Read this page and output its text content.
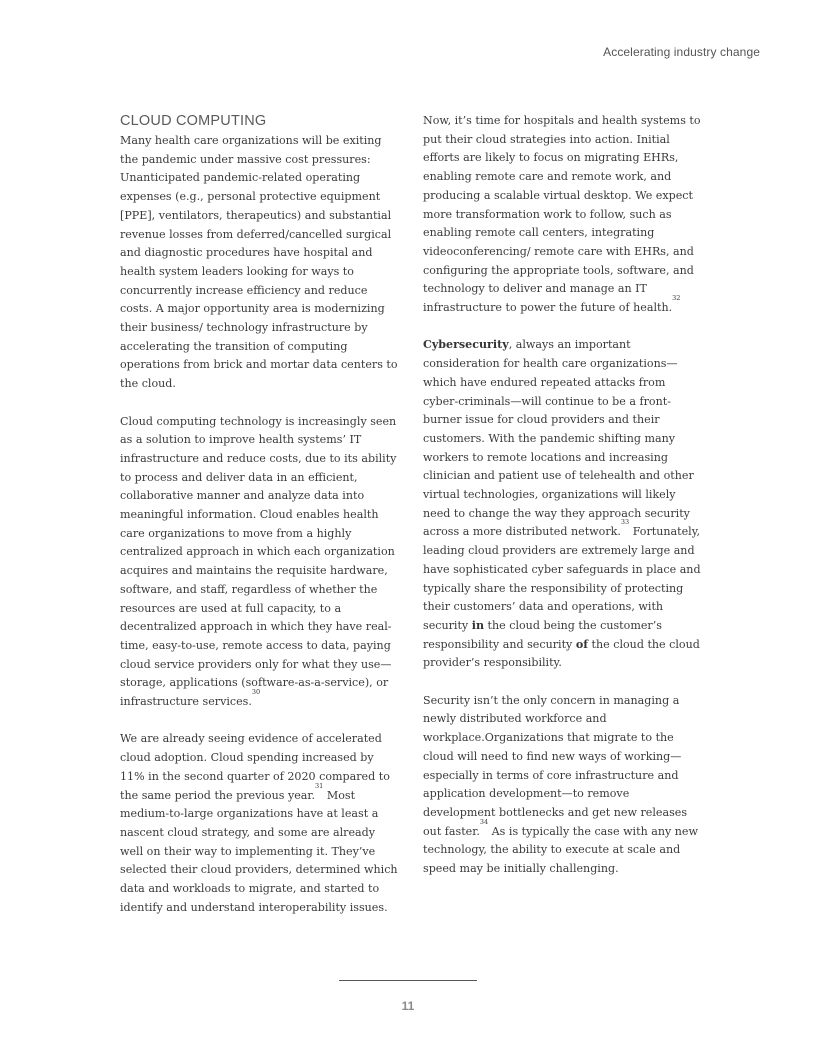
Accelerating industry change
CLOUD COMPUTING

Many health care organizations will be exiting the pandemic under massive cost pressures: Unanticipated pandemic-related operating expenses (e.g., personal protective equipment [PPE], ventilators, therapeutics) and substantial revenue losses from deferred/cancelled surgical and diagnostic procedures have hospital and health system leaders looking for ways to concurrently increase efficiency and reduce costs. A major opportunity area is modernizing their business/ technology infrastructure by accelerating the transition of computing operations from brick and mortar data centers to the cloud.

Cloud computing technology is increasingly seen as a solution to improve health systems’ IT infrastructure and reduce costs, due to its ability to process and deliver data in an efficient, collaborative manner and analyze data into meaningful information. Cloud enables health care organizations to move from a highly centralized approach in which each organization acquires and maintains the requisite hardware, software, and staff, regardless of whether the resources are used at full capacity, to a decentralized approach in which they have real-time, easy-to-use, remote access to data, paying cloud service providers only for what they use—storage, applications (software-as-a-service), or infrastructure services.$^{30}$

We are already seeing evidence of accelerated cloud adoption. Cloud spending increased by 11% in the second quarter of 2020 compared to the same period the previous year.$^{31}$ Most medium-to-large organizations have at least a nascent cloud strategy, and some are already well on their way to implementing it. They’ve selected their cloud providers, determined which data and workloads to migrate, and started to identify and understand interoperability issues.

Now, it’s time for hospitals and health systems to put their cloud strategies into action. Initial efforts are likely to focus on migrating EHRs, enabling remote care and remote work, and producing a scalable virtual desktop. We expect more transformation work to follow, such as enabling remote call centers, integrating videoconferencing/ remote care with EHRs, and configuring the appropriate tools, software, and technology to deliver and manage an IT infrastructure to power the future of health.$^{32}$

Cybersecurity, always an important consideration for health care organizations—which have endured repeated attacks from cyber-criminals—will continue to be a front-burner issue for cloud providers and their customers. With the pandemic shifting many workers to remote locations and increasing clinician and patient use of telehealth and other virtual technologies, organizations will likely need to change the way they approach security across a more distributed network.$^{33}$ Fortunately, leading cloud providers are extremely large and have sophisticated cyber safeguards in place and typically share the responsibility of protecting their customers’ data and operations, with security in the cloud being the customer’s responsibility and security of the cloud the cloud provider’s responsibility.

Security isn’t the only concern in managing a newly distributed workforce and workplace.Organizations that migrate to the cloud will need to find new ways of working—especially in terms of core infrastructure and application development—to remove development bottlenecks and get new releases out faster.$^{34}$ As is typically the case with any new technology, the ability to execute at scale and speed may be initially challenging.

11
